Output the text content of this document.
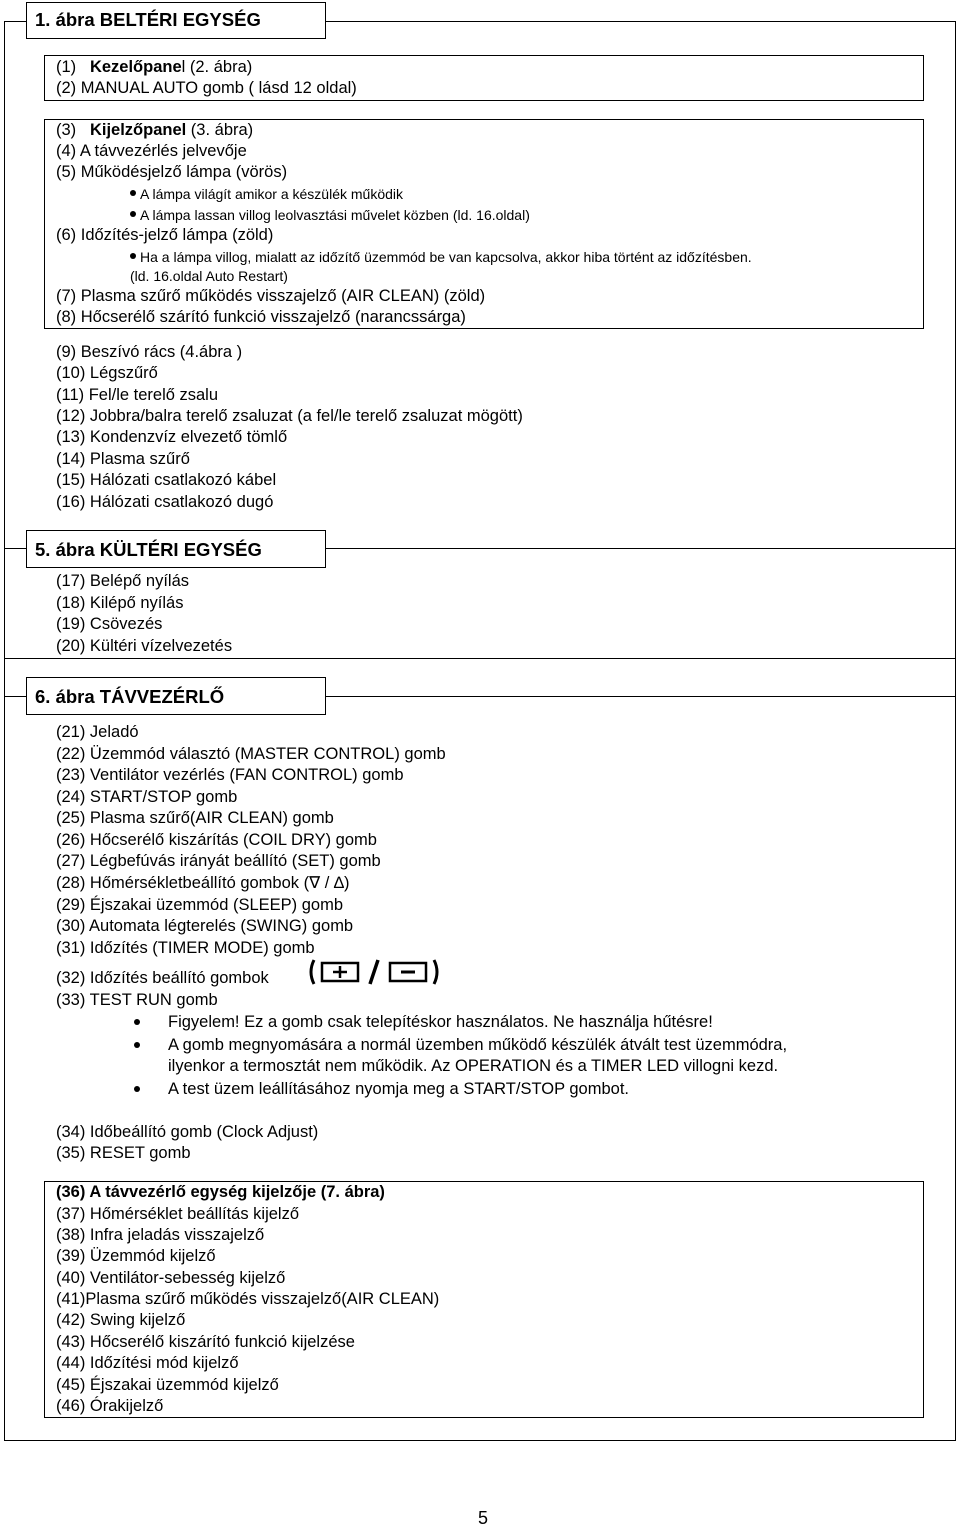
1. ábra BELTÉRI EGYSÉG
(1) Kezelőpanel (2. ábra)
(2) MANUAL AUTO gomb ( lásd 12 oldal)
(3) Kijelzőpanel (3. ábra)
(4) A távvezérlés jelvevője
(5) Működésjelző lámpa (vörös)
A lámpa világít amikor a készülék működik
A lámpa lassan villog leolvasztási művelet közben (ld. 16.oldal)
(6) Időzítés-jelző lámpa (zöld)
Ha a lámpa villog, mialatt az időzítő üzemmód be van kapcsolva, akkor hiba történt az időzítésben.
(ld. 16.oldal Auto Restart)
(7) Plasma szűrő működés visszajelző (AIR CLEAN) (zöld)
(8) Hőcserélő szárító funkció visszajelző (narancssárga)
(9) Beszívó rács (4.ábra )
(10) Légszűrő
(11) Fel/le terelő zsalu
(12) Jobbra/balra terelő zsaluzat (a fel/le terelő zsaluzat mögött)
(13) Kondenzvíz elvezető tömlő
(14) Plasma szűrő
(15) Hálózati csatlakozó kábel
(16) Hálózati csatlakozó dugó
5. ábra KÜLTÉRI EGYSÉG
(17) Belépő nyílás
(18) Kilépő nyílás
(19) Csövezés
(20) Kültéri vízelvezetés
6. ábra TÁVVEZÉRLŐ
(21) Jeladó
(22) Üzemmód választó (MASTER CONTROL) gomb
(23) Ventilátor vezérlés (FAN CONTROL) gomb
(24) START/STOP gomb
(25) Plasma szűrő(AIR CLEAN) gomb
(26) Hőcserélő kiszárítás (COIL DRY) gomb
(27) Légbefúvás irányát beállító (SET) gomb
(28) Hőmérsékletbeállító gombok (∇ / ∆)
(29) Éjszakai üzemmód (SLEEP) gomb
(30) Automata légterelés (SWING) gomb
(31) Időzítés (TIMER MODE) gomb
(32) Időzítés beállító gombok
(33) TEST RUN gomb
Figyelem! Ez a gomb csak telepítéskor használatos. Ne használja hűtésre!
A gomb megnyomására a normál üzemben működő készülék átvált test üzemmódra,
ilyenkor a termosztát nem működik. Az OPERATION és a TIMER LED villogni kezd.
A test üzem leállításához nyomja meg a START/STOP gombot.
(34) Időbeállító gomb (Clock Adjust)
(35) RESET gomb
(36) A távvezérlő egység kijelzője (7. ábra)
(37) Hőmérséklet beállítás kijelző
(38) Infra jeladás visszajelző
(39) Üzemmód kijelző
(40) Ventilátor-sebesség kijelző
(41)Plasma szűrő működés visszajelző(AIR CLEAN)
(42) Swing kijelző
(43) Hőcserélő kiszárító funkció kijelzése
(44) Időzítési mód kijelző
(45) Éjszakai üzemmód kijelző
(46) Órakijelző
5
